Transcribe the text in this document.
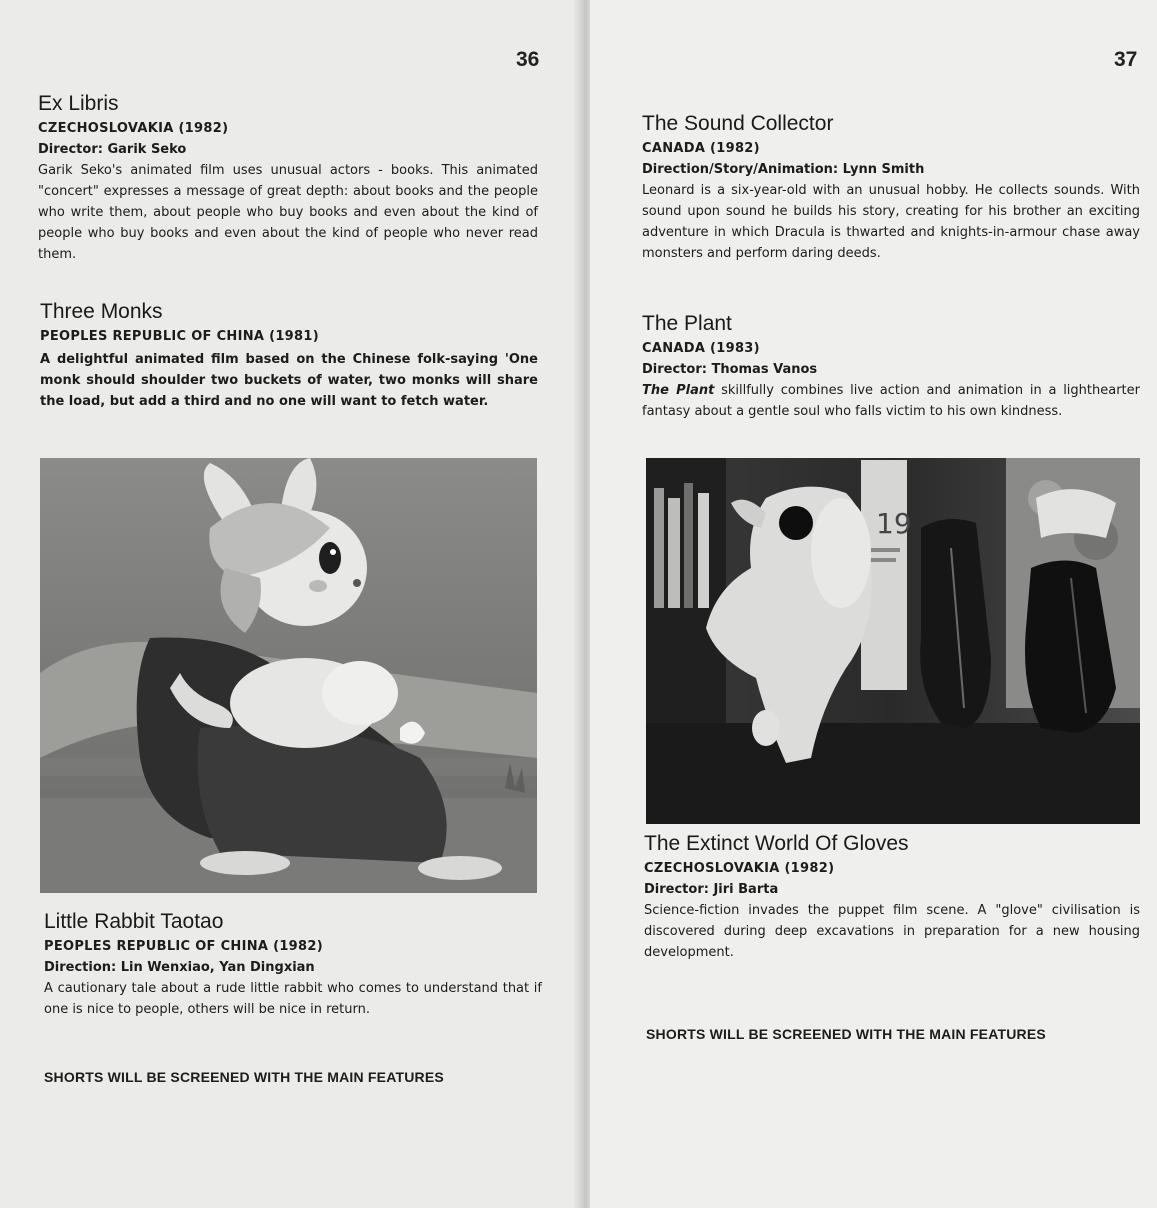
36
Ex Libris
CZECHOSLOVAKIA (1982)
Director: Garik Seko

Garik Seko's animated film uses unusual actors - books. This animated "concert" expresses a message of great depth: about books and the people who write them, about people who buy books and even about the kind of people who buy books and even about the kind of people who never read them.

Three Monks
PEOPLES REPUBLIC OF CHINA (1981)

A delightful animated film based on the Chinese folk-saying 'One monk should shoulder two buckets of water, two monks will share the load, but add a third and no one will want to fetch water.

Little Rabbit Taotao
PEOPLES REPUBLIC OF CHINA (1982)
Direction: Lin Wenxiao, Yan Dingxian

A cautionary tale about a rude little rabbit who comes to understand that if one is nice to people, others will be nice in return.

SHORTS WILL BE SCREENED WITH THE MAIN FEATURES
37
The Sound Collector
CANADA (1982)
Direction/Story/Animation: Lynn Smith

Leonard is a six-year-old with an unusual hobby. He collects sounds. With sound upon sound he builds his story, creating for his brother an exciting adventure in which Dracula is thwarted and knights-in-armour chase away monsters and perform daring deeds.

The Plant
CANADA (1983)
Director: Thomas Vanos

The Plant skillfully combines live action and animation in a lighthearter fantasy about a gentle soul who falls victim to his own kindness.

19
The Extinct World Of Gloves
CZECHOSLOVAKIA (1982)
Director: Jiri Barta

Science-fiction invades the puppet film scene. A "glove" civilisation is discovered during deep excavations in preparation for a new housing development.

SHORTS WILL BE SCREENED WITH THE MAIN FEATURES
